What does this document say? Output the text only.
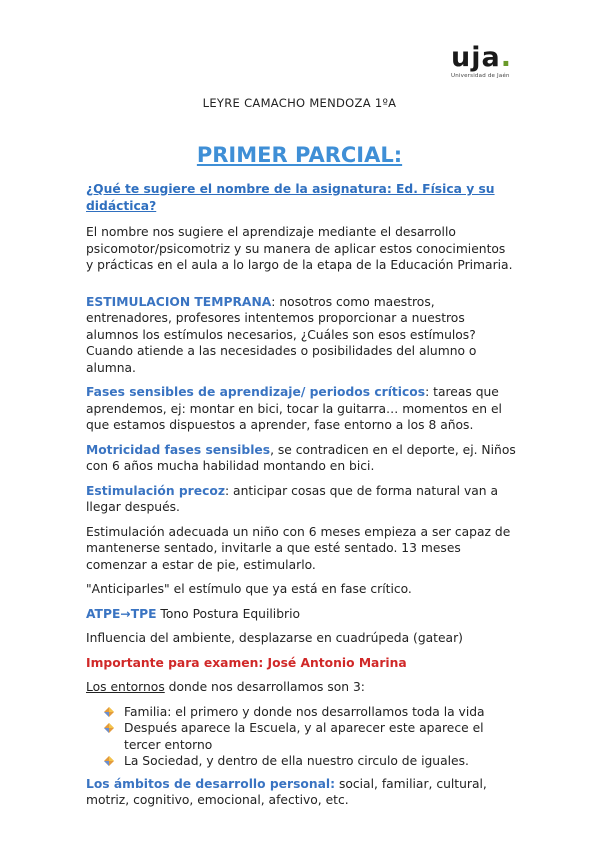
uja.
Universidad de Jaén
LEYRE CAMACHO MENDOZA 1ºA
PRIMER PARCIAL:

¿Qué te sugiere el nombre de la asignatura: Ed. Física y su didáctica?

El nombre nos sugiere el aprendizaje mediante el desarrollo psicomotor/psicomotriz y su manera de aplicar estos conocimientos y prácticas en el aula a lo largo de la etapa de la Educación Primaria.

ESTIMULACION TEMPRANA: nosotros como maestros, entrenadores, profesores intentemos proporcionar a nuestros alumnos los estímulos necesarios, ¿Cuáles son esos estímulos? Cuando atiende a las necesidades o posibilidades del alumno o alumna.

Fases sensibles de aprendizaje/ periodos críticos: tareas que aprendemos, ej: montar en bici, tocar la guitarra… momentos en el que estamos dispuestos a aprender, fase entorno a los 8 años.

Motricidad fases sensibles, se contradicen en el deporte, ej. Niños con 6 años mucha habilidad montando en bici.

Estimulación precoz: anticipar cosas que de forma natural van a llegar después.

Estimulación adecuada un niño con 6 meses empieza a ser capaz de mantenerse sentado, invitarle a que esté sentado. 13 meses comenzar a estar de pie, estimularlo.

"Anticiparles" el estímulo que ya está en fase crítico.

ATPE→TPE Tono Postura Equilibrio

Influencia del ambiente, desplazarse en cuadrúpeda (gatear)

Importante para examen: José Antonio Marina

Los entornos donde nos desarrollamos son 3:

Familia: el primero y donde nos desarrollamos toda la vida
Después aparece la Escuela, y al aparecer este aparece el tercer entorno
La Sociedad, y dentro de ella nuestro circulo de iguales.

Los ámbitos de desarrollo personal: social, familiar, cultural, motriz, cognitivo, emocional, afectivo, etc.
